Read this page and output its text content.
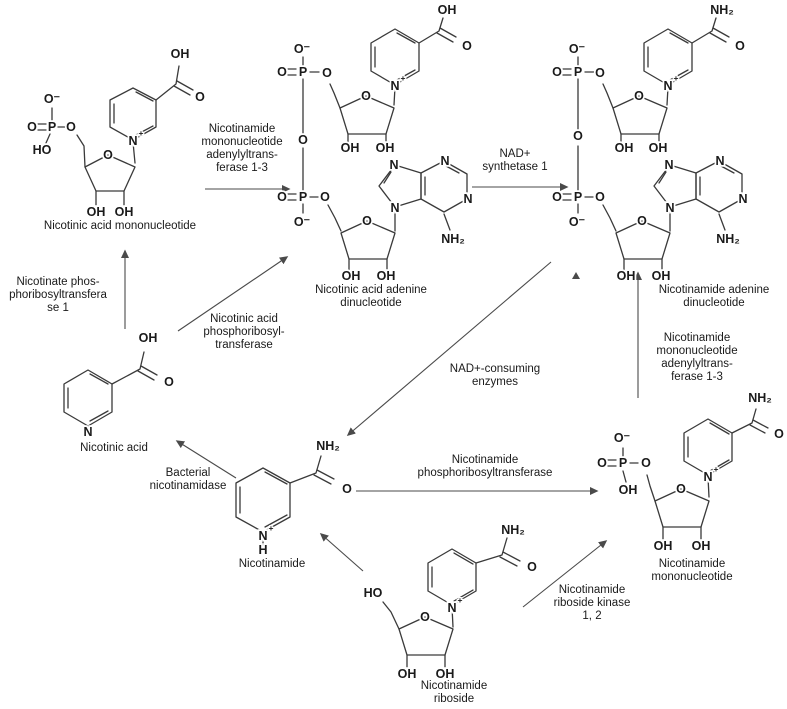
OH
O
N
+
O
OH OH
O
P
O
O⁻
HO
OH
O
N
+
O
OH OH
O
P
O
O⁻
O
P
O
O⁻
O
O
OH OH
N
N
N
N
NH₂
NH₂
O
N
+
O
OH OH
O
P
O
O⁻
O
P
O
O⁻
O
O
OH OH
N
N
N
N
NH₂
OH
O
N
NH₂
O
N
+
H
NH₂
O
N
+
O
OH OH
HO
NH₂
O
N
+
O
OH OH
O
P
O
O⁻
OH
Nicotinic acid mononucleotide
Nicotinic acid adenine
dinucleotide
Nicotinamide adenine
dinucleotide
Nicotinic acid
Nicotinamide
Nicotinamide
riboside
Nicotinamide
mononucleotide
Nicotinamide
mononucleotide
adenylyltrans-
ferase 1-3
NAD+
synthetase 1
Nicotinate phos-
phoribosyltransfera
se 1
Nicotinic acid
phosphoribosyl-
transferase
NAD+-consuming
enzymes
Bacterial
nicotinamidase
Nicotinamide
phosphoribosyltransferase
Nicotinamide
mononucleotide
adenylyltrans-
ferase 1-3
Nicotinamide
riboside kinase
1, 2
